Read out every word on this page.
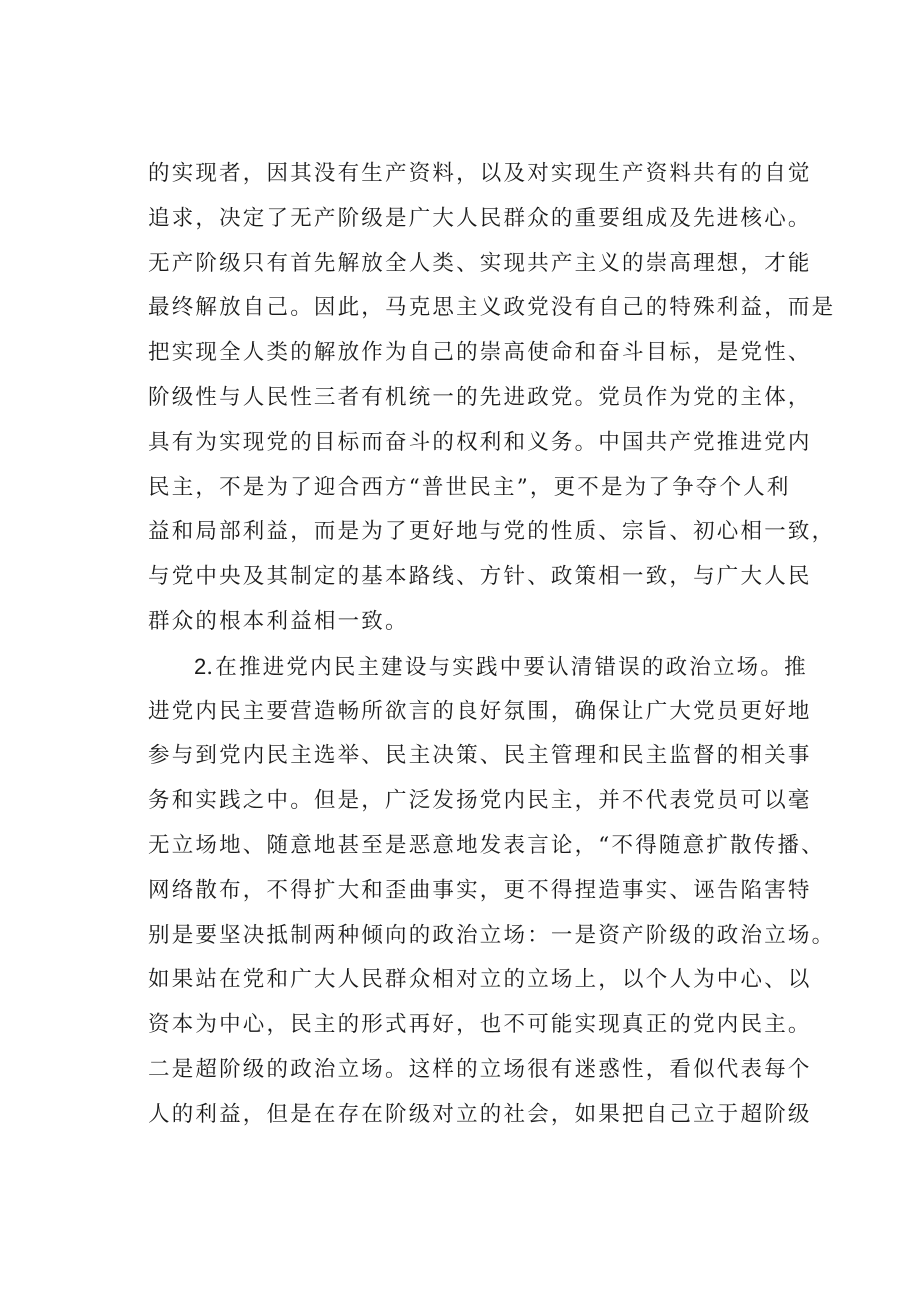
的实现者，因其没有生产资料，以及对实现生产资料共有的自觉
追求，决定了无产阶级是广大人民群众的重要组成及先进核心。
无产阶级只有首先解放全人类、实现共产主义的崇高理想，才能
最终解放自己。因此，马克思主义政党没有自己的特殊利益，而是
把实现全人类的解放作为自己的崇高使命和奋斗目标，是党性、
阶级性与人民性三者有机统一的先进政党。党员作为党的主体，
具有为实现党的目标而奋斗的权利和义务。中国共产党推进党内
民主，不是为了迎合西方“普世民主”，更不是为了争夺个人利
益和局部利益，而是为了更好地与党的性质、宗旨、初心相一致，
与党中央及其制定的基本路线、方针、政策相一致，与广大人民
群众的根本利益相一致。
2.在推进党内民主建设与实践中要认清错误的政治立场。推
进党内民主要营造畅所欲言的良好氛围，确保让广大党员更好地
参与到党内民主选举、民主决策、民主管理和民主监督的相关事
务和实践之中。但是，广泛发扬党内民主，并不代表党员可以毫
无立场地、随意地甚至是恶意地发表言论，“不得随意扩散传播、
网络散布，不得扩大和歪曲事实，更不得捏造事实、诬告陷害特
别是要坚决抵制两种倾向的政治立场：一是资产阶级的政治立场。
如果站在党和广大人民群众相对立的立场上，以个人为中心、以
资本为中心，民主的形式再好，也不可能实现真正的党内民主。
二是超阶级的政治立场。这样的立场很有迷惑性，看似代表每个
人的利益，但是在存在阶级对立的社会，如果把自己立于超阶级
